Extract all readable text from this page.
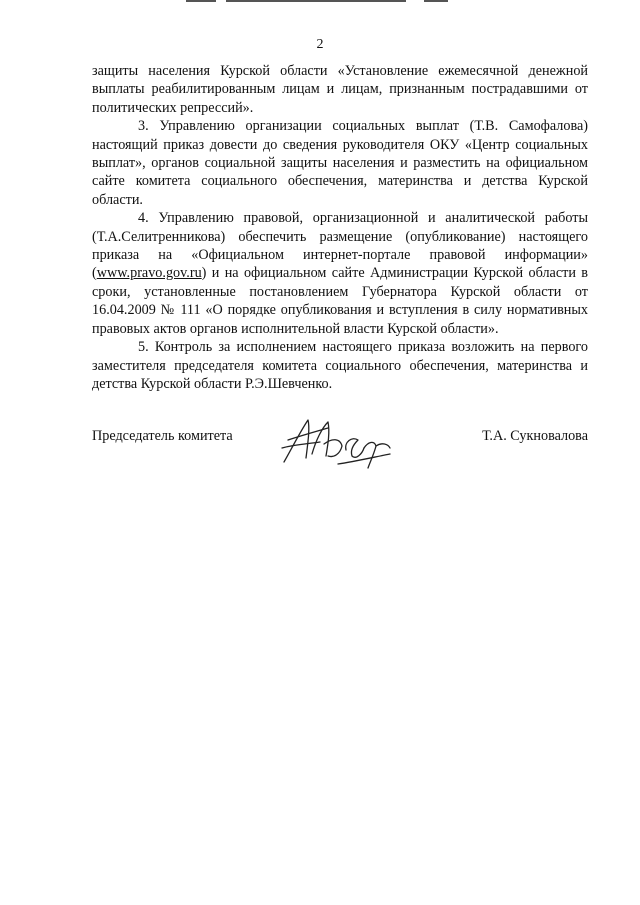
2

защиты населения Курской области «Установление ежемесячной денежной выплаты реабилитированным лицам и лицам, признанным пострадавшими от политических репрессий».

3. Управлению организации социальных выплат (Т.В. Самофалова) настоящий приказ довести до сведения руководителя ОКУ «Центр социальных выплат», органов социальной защиты населения и разместить на официальном сайте комитета социального обеспечения, материнства и детства Курской области.

4. Управлению правовой, организационной и аналитической работы (Т.А.Селитренникова) обеспечить размещение (опубликование) настоящего приказа на «Официальном интернет-портале правовой информации» (www.pravo.gov.ru) и на официальном сайте Администрации Курской области в сроки, установленные постановлением Губернатора Курской области от 16.04.2009 № 111 «О порядке опубликования и вступления в силу нормативных правовых актов органов исполнительной власти Курской области».

5. Контроль за исполнением настоящего приказа возложить на первого заместителя председателя комитета социального обеспечения, материнства и детства Курской области Р.Э.Шевченко.

Председатель комитета	Т.А. Сукновалова
